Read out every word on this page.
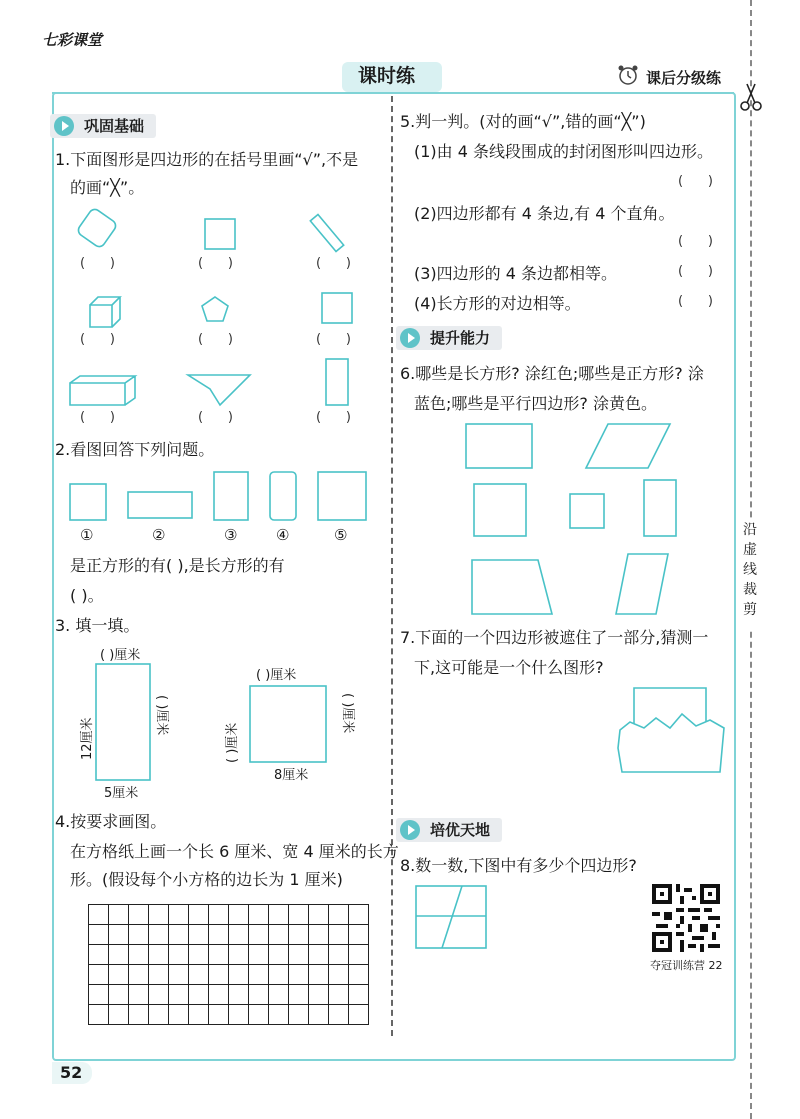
七彩课堂
课时练	课后分级练
沿虚线裁剪
巩固基础
1.下面图形是四边形的在括号里画“√”,不是
的画“╳”。
(      )	(      )	(      )
(      )	(      )	(      )
(      )	(      )	(      )
2.看图回答下列问题。
①	②	③	④	⑤
是正方形的有( ),是长方形的有
( )。
3. 填一填。
( )厘米
12厘米
( )厘米
5厘米
( )厘米
( )厘米
( )厘米
8厘米
4.按要求画图。
在方格纸上画一个长 6 厘米、宽 4 厘米的长方
形。(假设每个小方格的边长为 1 厘米)
5.判一判。(对的画“√”,错的画“╳”)
(1)由 4 条线段围成的封闭图形叫四边形。
(      )
(2)四边形都有 4 条边,有 4 个直角。
(      )
(3)四边形的 4 条边都相等。	(      )
(4)长方形的对边相等。	(      )
提升能力
6.哪些是长方形? 涂红色;哪些是正方形? 涂
蓝色;哪些是平行四边形? 涂黄色。
7.下面的一个四边形被遮住了一部分,猜测一
下,这可能是一个什么图形?
培优天地
8.数一数,下图中有多少个四边形?
夺冠训练营 22
52
